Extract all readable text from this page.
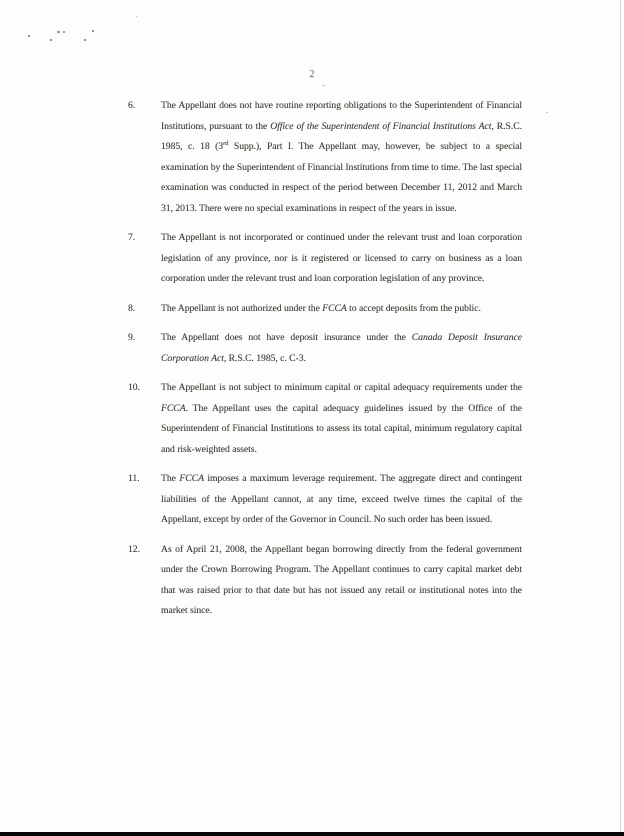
2
6.	The Appellant does not have routine reporting obligations to the Superintendent of Financial Institutions, pursuant to the Office of the Superintendent of Financial Institutions Act, R.S.C. 1985, c. 18 (3rd Supp.), Part I. The Appellant may, however, be subject to a special examination by the Superintendent of Financial Institutions from time to time. The last special examination was conducted in respect of the period between December 11, 2012 and March 31, 2013. There were no special examinations in respect of the years in issue.
7.	The Appellant is not incorporated or continued under the relevant trust and loan corporation legislation of any province, nor is it registered or licensed to carry on business as a loan corporation under the relevant trust and loan corporation legislation of any province.
8.	The Appellant is not authorized under the FCCA to accept deposits from the public.
9.	The Appellant does not have deposit insurance under the Canada Deposit Insurance Corporation Act, R.S.C. 1985, c. C-3.
10.	The Appellant is not subject to minimum capital or capital adequacy requirements under the FCCA. The Appellant uses the capital adequacy guidelines issued by the Office of the Superintendent of Financial Institutions to assess its total capital, minimum regulatory capital and risk-weighted assets.
11.	The FCCA imposes a maximum leverage requirement. The aggregate direct and contingent liabilities of the Appellant cannot, at any time, exceed twelve times the capital of the Appellant, except by order of the Governor in Council. No such order has been issued.
12.	As of April 21, 2008, the Appellant began borrowing directly from the federal government under the Crown Borrowing Program. The Appellant continues to carry capital market debt that was raised prior to that date but has not issued any retail or institutional notes into the market since.
